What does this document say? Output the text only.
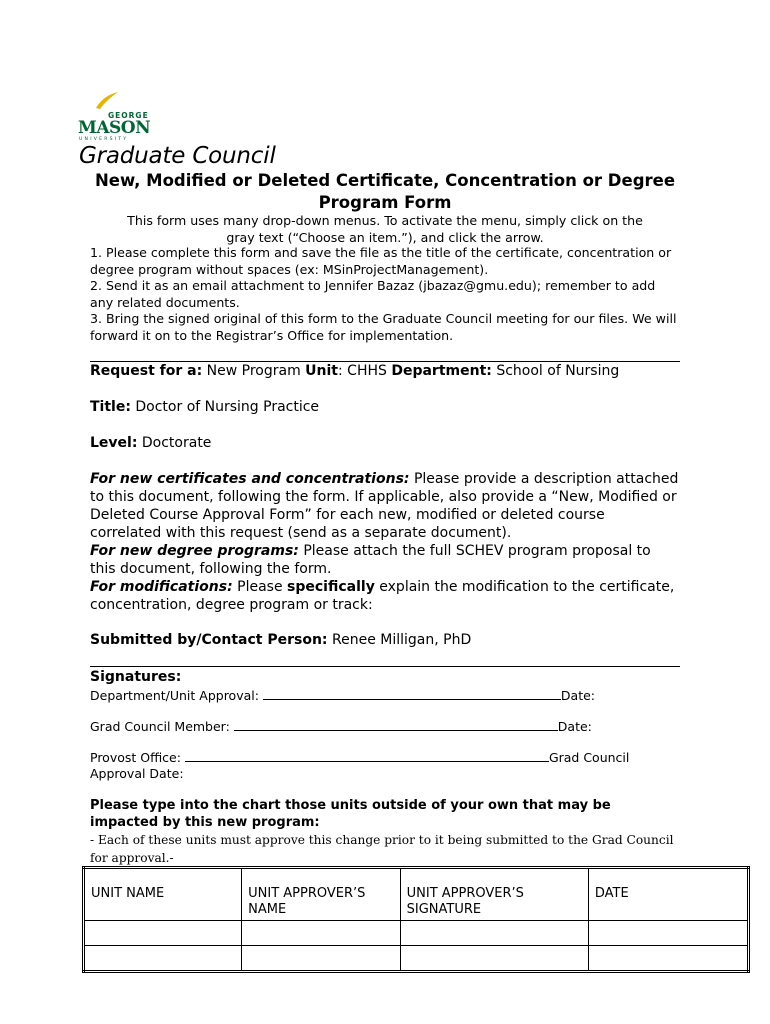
GEORGE
MASON
UNIVERSITY
Graduate Council
New, Modified or Deleted Certificate, Concentration or Degree Program Form
This form uses many drop-down menus. To activate the menu, simply click on the
gray text (“Choose an item.”), and click the arrow.
1. Please complete this form and save the file as the title of the certificate, concentration or degree program without spaces (ex: MSinProjectManagement).
2. Send it as an email attachment to Jennifer Bazaz (jbazaz@gmu.edu); remember to add any related documents.
3. Bring the signed original of this form to the Graduate Council meeting for our files. We will forward it on to the Registrar’s Office for implementation.
Request for a: New Program Unit: CHHS Department: School of Nursing
Title: Doctor of Nursing Practice
Level: Doctorate
For new certificates and concentrations: Please provide a description attached to this document, following the form. If applicable, also provide a “New, Modified or Deleted Course Approval Form” for each new, modified or deleted course correlated with this request (send as a separate document).
For new degree programs: Please attach the full SCHEV program proposal to this document, following the form.
For modifications: Please specifically explain the modification to the certificate, concentration, degree program or track:
Submitted by/Contact Person: Renee Milligan, PhD
Signatures:
Department/Unit Approval:	Date:
Grad Council Member:	Date:
Provost Office:	Grad Council
Approval Date:
Please type into the chart those units outside of your own that may be impacted by this new program:
- Each of these units must approve this change prior to it being submitted to the Grad Council for approval.-
UNIT NAME	UNIT APPROVER’S NAME	UNIT APPROVER’S SIGNATURE	DATE
